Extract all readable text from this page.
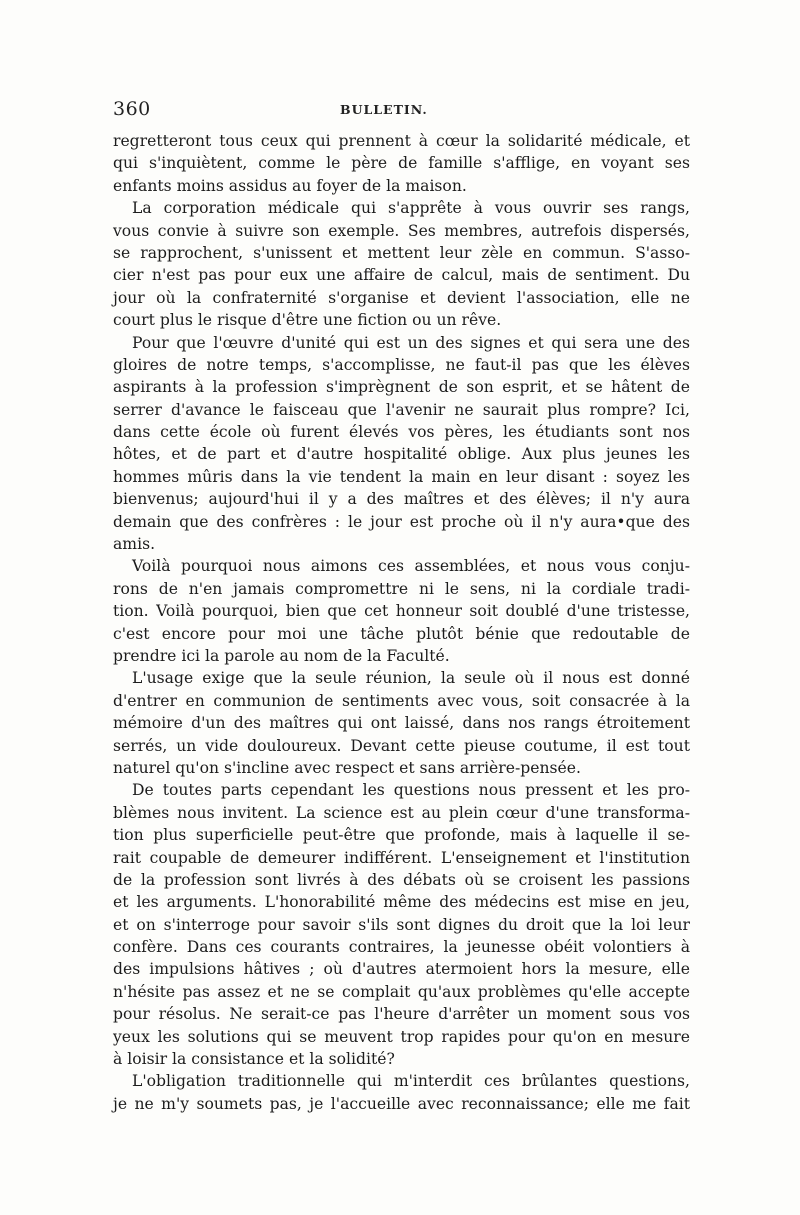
360	BULLETIN.
regretteront tous ceux qui prennent à cœur la solidarité médicale, et
qui s'inquiètent, comme le père de famille s'afflige, en voyant ses
enfants moins assidus au foyer de la maison.
La corporation médicale qui s'apprête à vous ouvrir ses rangs,
vous convie à suivre son exemple. Ses membres, autrefois dispersés,
se rapprochent, s'unissent et mettent leur zèle en commun. S'asso-
cier n'est pas pour eux une affaire de calcul, mais de sentiment. Du
jour où la confraternité s'organise et devient l'association, elle ne
court plus le risque d'être une fiction ou un rêve.
Pour que l'œuvre d'unité qui est un des signes et qui sera une des
gloires de notre temps, s'accomplisse, ne faut-il pas que les élèves
aspirants à la profession s'imprègnent de son esprit, et se hâtent de
serrer d'avance le faisceau que l'avenir ne saurait plus rompre? Ici,
dans cette école où furent élevés vos pères, les étudiants sont nos
hôtes, et de part et d'autre hospitalité oblige. Aux plus jeunes les
hommes mûris dans la vie tendent la main en leur disant : soyez les
bienvenus; aujourd'hui il y a des maîtres et des élèves; il n'y aura
demain que des confrères : le jour est proche où il n'y aura•que des
amis.
Voilà pourquoi nous aimons ces assemblées, et nous vous conju-
rons de n'en jamais compromettre ni le sens, ni la cordiale tradi-
tion. Voilà pourquoi, bien que cet honneur soit doublé d'une tristesse,
c'est encore pour moi une tâche plutôt bénie que redoutable de
prendre ici la parole au nom de la Faculté.
L'usage exige que la seule réunion, la seule où il nous est donné
d'entrer en communion de sentiments avec vous, soit consacrée à la
mémoire d'un des maîtres qui ont laissé, dans nos rangs étroitement
serrés, un vide douloureux. Devant cette pieuse coutume, il est tout
naturel qu'on s'incline avec respect et sans arrière-pensée.
De toutes parts cependant les questions nous pressent et les pro-
blèmes nous invitent. La science est au plein cœur d'une transforma-
tion plus superficielle peut-être que profonde, mais à laquelle il se-
rait coupable de demeurer indifférent. L'enseignement et l'institution
de la profession sont livrés à des débats où se croisent les passions
et les arguments. L'honorabilité même des médecins est mise en jeu,
et on s'interroge pour savoir s'ils sont dignes du droit que la loi leur
confère. Dans ces courants contraires, la jeunesse obéit volontiers à
des impulsions hâtives ; où d'autres atermoient hors la mesure, elle
n'hésite pas assez et ne se complait qu'aux problèmes qu'elle accepte
pour résolus. Ne serait-ce pas l'heure d'arrêter un moment sous vos
yeux les solutions qui se meuvent trop rapides pour qu'on en mesure
à loisir la consistance et la solidité?
L'obligation traditionnelle qui m'interdit ces brûlantes questions,
je ne m'y soumets pas, je l'accueille avec reconnaissance; elle me fait
